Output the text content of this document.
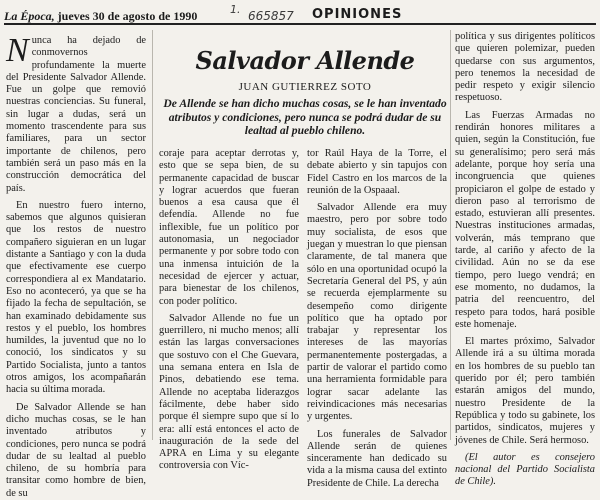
La Época, jueves 30 de agosto de 1990	1. 665857 OPINIONES

Nunca ha dejado de conmovernos profundamente la muerte del Presidente Salvador Allende. Fue un golpe que removió nuestras conciencias. Su funeral, sin lugar a dudas, será un momento trascendente para sus familiares, para un sector importante de chilenos, pero también será un paso más en la construcción democrática del país.

En nuestro fuero interno, sabemos que algunos quisieran que los restos de nuestro compañero siguieran en un lugar distante a Santiago y con la duda que efectivamente ese cuerpo correspondiera al ex Mandatario. Eso no aconteceró, ya que se ha fijado la fecha de sepultación, se han examinado debidamente sus restos y el pueblo, los hombres humildes, la juventud que no lo conoció, los sindicatos y su Partido Socialista, junto a tantos otros amigos, los acompañarán hacia su última morada.

De Salvador Allende se han dicho muchas cosas, se le han inventado atributos y condiciones, pero nunca se podrá dudar de su lealtad al pueblo chileno, de su hombría para transitar como hombre de bien, de su

Salvador Allende
JUAN GUTIERREZ SOTO
De Allende se han dicho muchas cosas, se le han inventado atributos y condiciones, pero nunca se podrá dudar de su lealtad al pueblo chileno.

coraje para aceptar derrotas y, esto que se sepa bien, de su permanente capacidad de buscar y lograr acuerdos que fueran buenos a esa causa que él defendía. Allende no fue inflexible, fue un político por autonomasia, un negociador permanente y por sobre todo con una inmensa intuición de la necesidad de ejercer y actuar, para bienestar de los chilenos, con poder político.

Salvador Allende no fue un guerrillero, ni mucho menos; allí están las largas conversaciones que sostuvo con el Che Guevara, una semana entera en Isla de Pinos, debatiendo ese tema. Allende no aceptaba liderazgos fácilmente, debe haber sido porque él siempre supo que sí lo era: allí está entonces el acto de inauguración de la sede del APRA en Lima y su elegante controversia con Víc-

tor Raúl Haya de la Torre, el debate abierto y sin tapujos con Fidel Castro en los marcos de la reunión de la Ospaaal.

Salvador Allende era muy maestro, pero por sobre todo muy socialista, de esos que juegan y muestran lo que piensan claramente, de tal manera que sólo en una oportunidad ocupó la Secretaría General del PS, y aún se recuerda ejemplarmente su desempeño como dirigente político que ha optado por trabajar y representar los intereses de las mayorías permanentemente postergadas, a partir de valorar el partido como una herramienta formidable para lograr sacar adelante las reivindicaciones más necesarias y urgentes.

Los funerales de Salvador Allende serán de quienes sinceramente han dedicado su vida a la misma causa del extinto Presidente de Chile. La derecha

política y sus dirigentes políticos que quieren polemizar, pueden quedarse con sus argumentos, pero tenemos la necesidad de pedir respeto y exigir silencio respetuoso.

Las Fuerzas Armadas no rendirán honores militares a quien, según la Constitución, fue su generalísimo; pero será más adelante, porque hoy sería una incongruencia que quienes propiciaron el golpe de estado y dieron paso al terrorismo de estado, estuvieran allí presentes. Nuestras instituciones armadas, volverán, más temprano que tarde, al cariño y afecto de la civilidad. Aún no se da ese tiempo, pero luego vendrá; en ese momento, no dudamos, la patria del reencuentro, del respeto para todos, hará posible este homenaje.

El martes próximo, Salvador Allende irá a su última morada en los hombres de su pueblo tan querido por él; pero también estarán amigos del mundo, nuestro Presidente de la República y todo su gabinete, los partidos, sindicatos, mujeres y jóvenes de Chile. Será hermoso.

(El autor es consejero nacional del Partido Socialista de Chile).
